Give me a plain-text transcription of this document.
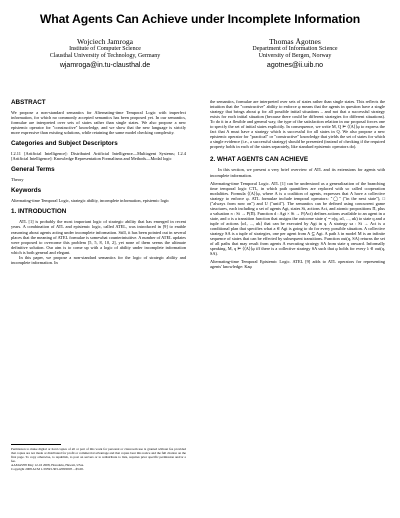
What Agents Can Achieve under Incomplete Information
Wojciech Jamroga
Institute of Computer Science
Clausthal University of Technology, Germany
wjamroga@in.tu-clausthal.de
Thomas Ågotnes
Department of Information Science
University of Bergen, Norway
agotnes@ii.uib.no
ABSTRACT
We propose a non-standard semantics for Alternating-time Temporal Logic with imperfect information, for which no commonly accepted semantics has been proposed yet. In our semantics, formulae are interpreted over sets of states rather than single states. We also propose a new epistemic operator for "constructive" knowledge, and we show that the new language is strictly more expressive than existing solutions, while retaining the same model checking complexity.
Categories and Subject Descriptors
I.2.11 [Artificial Intelligence]: Distributed Artificial Intelligence—Multiagent Systems; I.2.4 [Artificial Intelligence]: Knowledge Representation Formalisms and Methods—Modal logic
General Terms
Theory
Keywords
Alternating-time Temporal Logic, strategic ability, incomplete information, epistemic logic
1. INTRODUCTION
ATL [1] is probably the most important logic of strategic ability that has emerged in recent years. A combination of ATL and epistemic logic, called ATEL, was introduced in [9] to enable reasoning about agents acting under incomplete information. Still, it has been pointed out in several places that the meaning of ATEL formulae is somewhat counterintuitive. A number of ATEL updates were proposed to overcome this problem [5, 5, 8, 10, 2], yet none of them seems the ultimate definitive solution. Our aim is to come up with a logic of ability under incomplete information which is both general and elegant.
In this paper, we propose a non-standard semantics for the logic of strategic ability and incomplete information. In
Permission to make digital or hard copies of all or part of this work for personal or classroom use is granted without fee provided that copies are not made or distributed for profit or commercial advantage and that copies bear this notice and the full citation on the first page. To copy otherwise, to republish, to post on servers or to redistribute to lists, requires prior specific permission and/or a fee.
AAMAS'08 May 12-16 2008, Honolulu, Hawaii, USA.
Copyright 2008 ACM 1-59593-303-4/08/0005 ...$5.00.
the semantics, formulae are interpreted over sets of states rather than single states. This reflects the intuition that the "constructive" ability to enforce φ means that the agents in question have a single strategy that brings about φ for all possible initial situations – and not that a successful strategy exists for each initial situation (because there could be different strategies for different situations). To do it in a flexible and general way, the type of the satisfaction relation in our proposal forces one to specify the set of initial states explicitly. In consequence, we write M, Q ⊨ ⟨⟨A⟩⟩φ to express the fact that A must have a strategy which is successful for all states in Q. We also propose a new epistemic operator for "practical" or "constructive" knowledge that yields the set of states for which a single evidence (i.e., a successful strategy) should be presented (instead of checking if the required property holds in each of the states separately, like standard epistemic operators do).
2. WHAT AGENTS CAN ACHIEVE
In this section, we present a very brief overview of ATL and its extensions for agents with incomplete information.
Alternating-time Temporal Logic. ATL [1] can be understood as a generalization of the branching time temporal logic CTL, in which path quantifiers are replaced with so called cooperation modalities. Formula ⟨⟨A⟩⟩φ, where A is a coalition of agents, expresses that A have a collective strategy to enforce φ. ATL formulae include temporal operators: "◯" ("in the next state"), □ ("always from now on") and U ("until"). The semantics can be defined using concurrent game structures, each including a set of agents Agt, states St, actions Act, and atomic propositions Π, plus a valuation π : St → P(Π). Function d : Agt × St → P(Act) defines actions available to an agent in a state, and o is a transition function that assigns the outcome state q' = o(q, α1, ..., αk) to state q and a tuple of actions ⟨α1, ..., αk⟩ that can be executed by Agt in q. A strategy sa : St → Act is a conditional plan that specifies what a ∈ Agt is going to do for every possible situation. A collective strategy SA is a tuple of strategies, one per agent from A ⊆ Agt. A path λ in model M is an infinite sequence of states that can be effected by subsequent transitions. Function out(q, SA) returns the set of all paths that may result from agents A executing strategy SA from state q onward. Informally speaking, M, q ⊨ ⟨⟨A⟩⟩φ iff there is a collective strategy SA such that φ holds for every λ ∈ out(q, SA).
Alternating-time Temporal Epistemic Logic. ATEL [9] adds to ATL operators for representing agents' knowledge: Kaφ
